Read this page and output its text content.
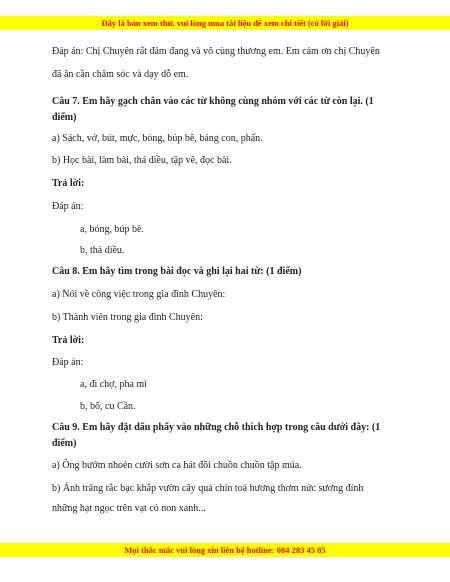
Đây là bản xem thử, vui lòng mua tài liệu để xem chi tiết (có lời giải)
Đáp án: Chị Chuyên rất đảm đang và vô cùng thương em. Em cảm ơn chị Chuyên
đã ân cần chăm sóc và dạy dỗ em.
Câu 7. Em hãy gạch chân vào các từ không cùng nhóm với các từ còn lại. (1
điểm)
a) Sách, vở, bút, mực, bóng, búp bê, bảng con, phấn.
b) Học bài, làm bài, thả diều, tập vẽ, đọc bài.
Trả lời:
Đáp án:
a, bóng, búp bê.
b, thả diều.
Câu 8. Em hãy tìm trong bài đọc và ghi lại hai từ: (1 điểm)
a) Nói về công việc trong gia đình Chuyên:
b) Thành viên trong gia đình Chuyên:
Trả lời:
Đáp án:
a, đi chợ, pha mì
b, bố, cu Cần.
Câu 9. Em hãy đặt dấu phẩy vào những chỗ thích hợp trong câu dưới đây: (1
điểm)
a) Ông bướm nhoẻn cười sơn ca hát đồi chuồn chuồn tập múa.
b) Ánh trăng rắc bạc khắp vườn cây quả chín toả hương thơm nức sương đính
những hạt ngọc trên vạt cỏ non xanh...
Mọi thắc mắc vui lòng xin liên hệ hotline: 084 283 45 85
